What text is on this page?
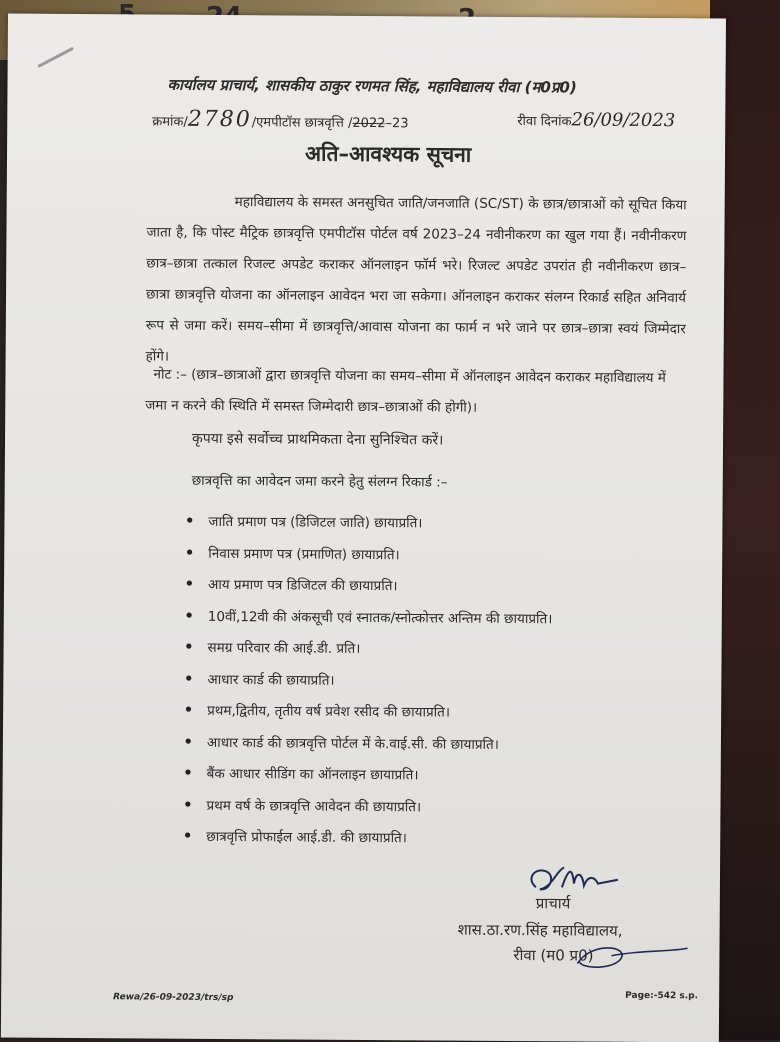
कार्यालय प्राचार्य, शासकीय ठाकुर रणमत सिंह, महाविद्यालय रीवा (म0प्र0)
क्रमांक/2780/एमपीटॉस छात्रवृत्ति /2022–23	रीवा दिनांक26/09/2023
अति–आवश्यक सूचना
महाविद्यालय के समस्त अनसुचित जाति/जनजाति (SC/ST) के छात्र/छात्राओं को सूचित किया जाता है, कि पोस्ट मैट्रिक छात्रवृत्ति एमपीटॉस पोर्टल वर्ष 2023–24 नवीनीकरण का खुल गया हैं। नवीनीकरण छात्र–छात्रा तत्काल रिजल्ट अपडेट कराकर ऑनलाइन फॉर्म भरे। रिजल्ट अपडेट उपरांत ही नवीनीकरण छात्र–छात्रा छात्रवृत्ति योजना का ऑनलाइन आवेदन भरा जा सकेगा। ऑनलाइन कराकर संलग्न रिकार्ड सहित अनिवार्य रूप से जमा करें। समय–सीमा में छात्रवृत्ति/आवास योजना का फार्म न भरे जाने पर छात्र–छात्रा स्वयं जिम्मेदार होंगे।
नोट :– (छात्र–छात्राओं द्वारा छात्रवृत्ति योजना का समय–सीमा में ऑनलाइन आवेदन कराकर महाविद्यालय में जमा न करने की स्थिति में समस्त जिम्मेदारी छात्र–छात्राओं की होगी)।
कृपया इसे सर्वोच्च प्राथमिकता देना सुनिश्चित करें।
छात्रवृत्ति का आवेदन जमा करने हेतु संलग्न रिकार्ड :–
• जाति प्रमाण पत्र (डिजिटल जाति) छायाप्रति।
• निवास प्रमाण पत्र (प्रमाणित) छायाप्रति।
• आय प्रमाण पत्र डिजिटल की छायाप्रति।
• 10वीं,12वी की अंकसूची एवं स्नातक/स्नोत्कोत्तर अन्तिम की छायाप्रति।
• समग्र परिवार की आई.डी. प्रति।
• आधार कार्ड की छायाप्रति।
• प्रथम,द्वितीय, तृतीय वर्ष प्रवेश रसीद की छायाप्रति।
• आधार कार्ड की छात्रवृत्ति पोर्टल में के.वाई.सी. की छायाप्रति।
• बैंक आधार सीडिंग का ऑनलाइन छायाप्रति।
• प्रथम वर्ष के छात्रवृत्ति आवेदन की छायाप्रति।
• छात्रवृत्ति प्रोफाईल आई.डी. की छायाप्रति।
प्राचार्य
शास.ठा.रण.सिंह महाविद्यालय,
रीवा (म0 प्र0)
Rewa/26-09-2023/trs/sp	Page:-542 s.p.
